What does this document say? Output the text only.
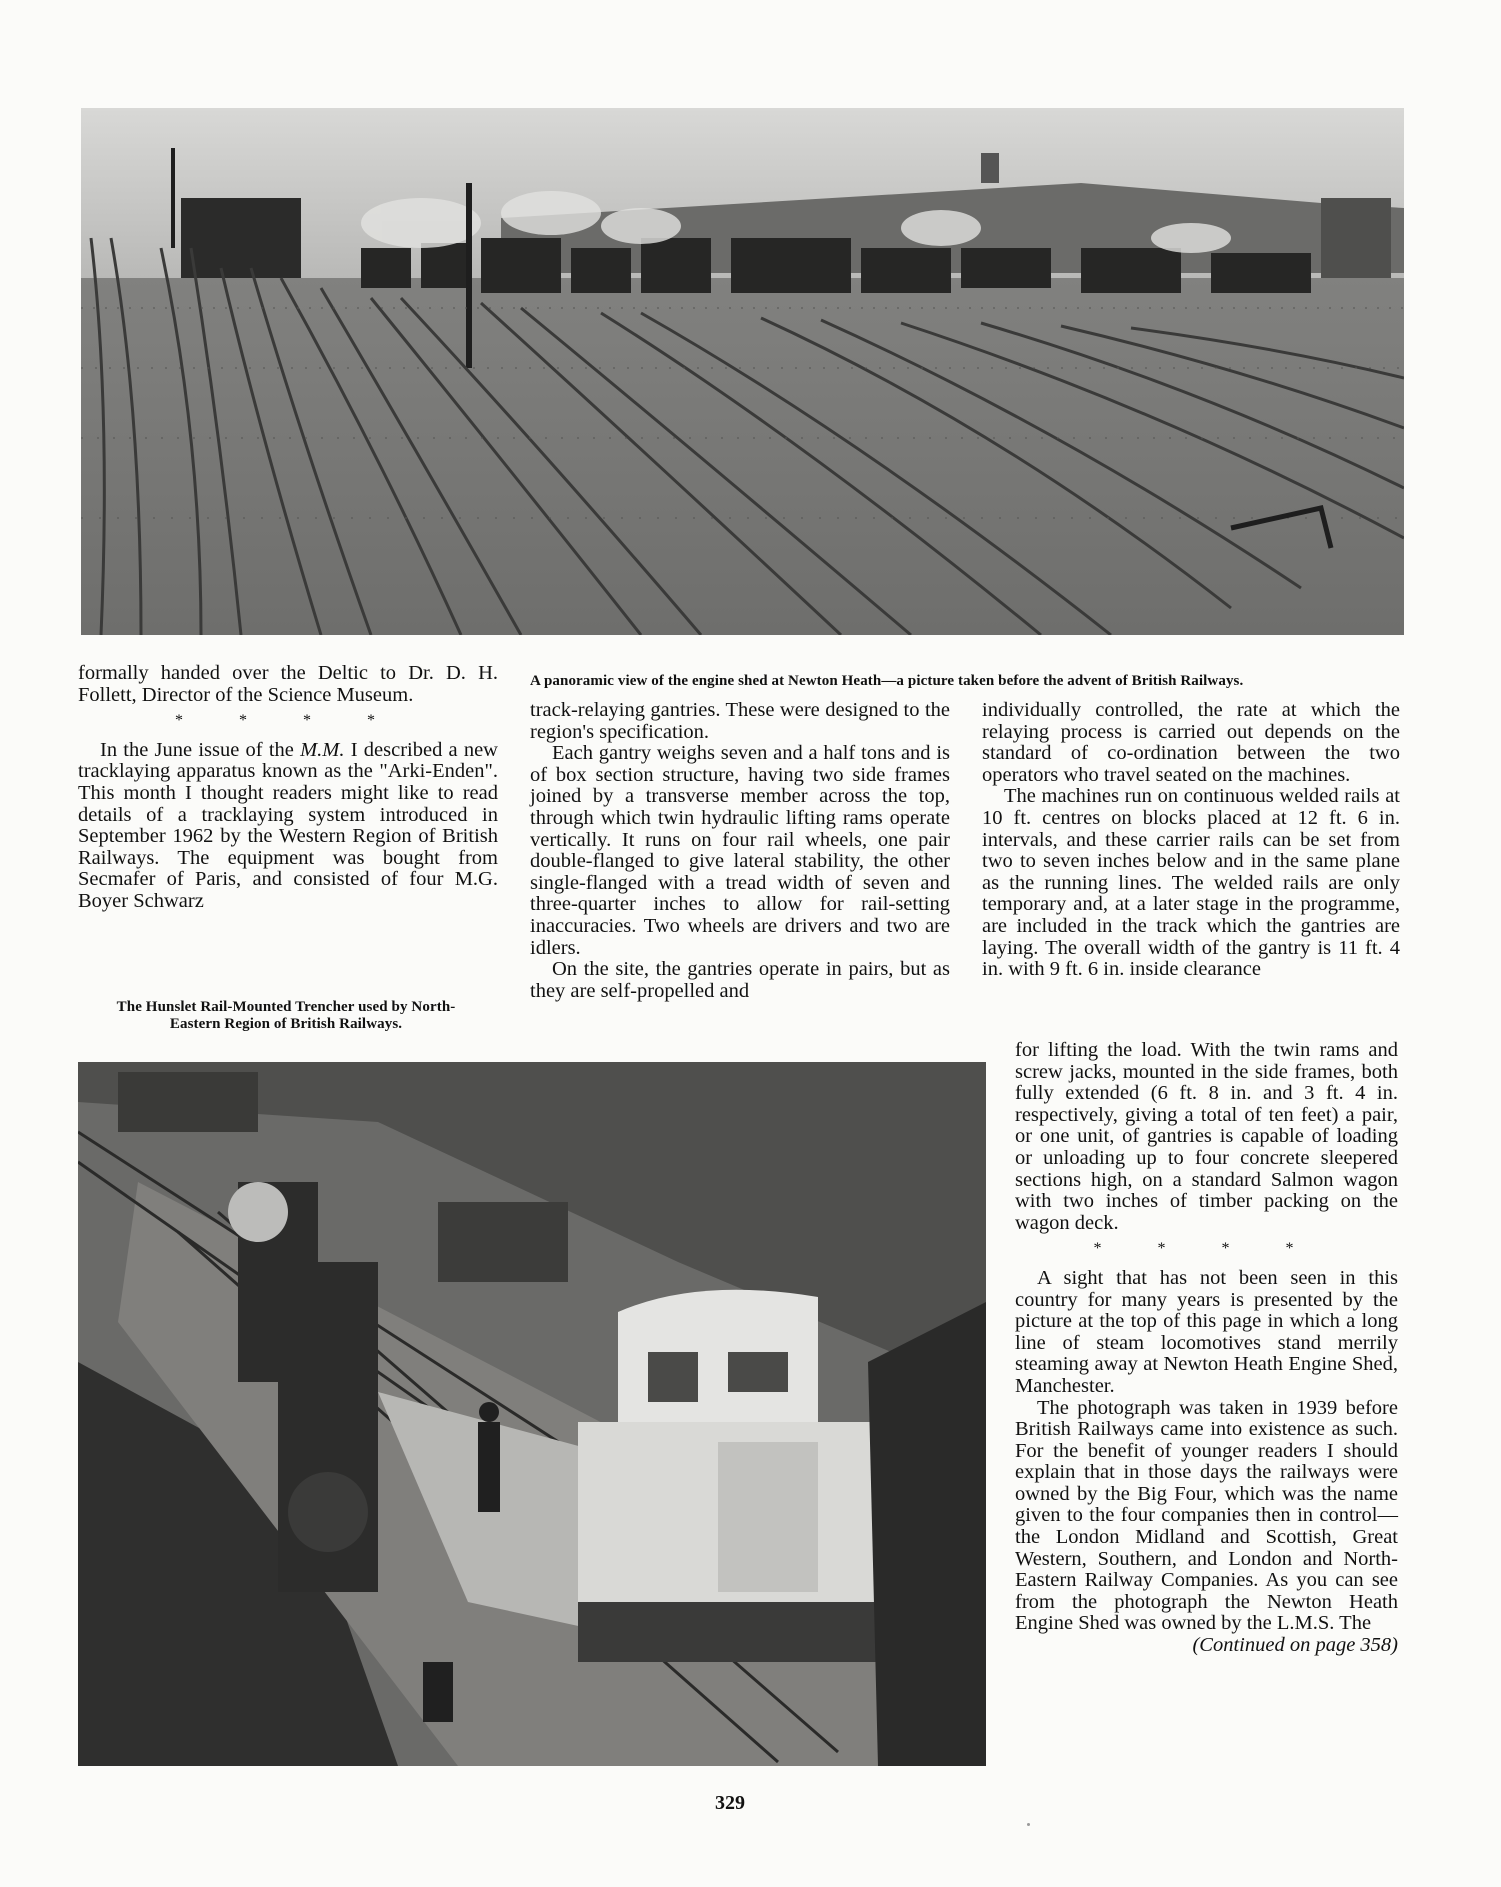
A panoramic view of the engine shed at Newton Heath—a picture taken before the advent of British Railways.
The Hunslet Rail-Mounted Trencher used by North-
Eastern Region of British Railways.

formally handed over the Deltic to Dr. D. H. Follett, Director of the Science Museum.

* * * *

In the June issue of the M.M. I described a new tracklaying apparatus known as the "Arki-Enden". This month I thought readers might like to read details of a tracklaying system introduced in September 1962 by the Western Region of British Railways. The equipment was bought from Secmafer of Paris, and consisted of four M.G. Boyer Schwarz

track-relaying gantries. These were designed to the region's specification.

Each gantry weighs seven and a half tons and is of box section structure, having two side frames joined by a transverse member across the top, through which twin hydraulic lifting rams operate vertically. It runs on four rail wheels, one pair double-flanged to give lateral stability, the other single-flanged with a tread width of seven and three-quarter inches to allow for rail-setting inaccuracies. Two wheels are drivers and two are idlers.

On the site, the gantries operate in pairs, but as they are self-propelled and

individually controlled, the rate at which the relaying process is carried out depends on the standard of co-ordination between the two operators who travel seated on the machines.

The machines run on continuous welded rails at 10 ft. centres on blocks placed at 12 ft. 6 in. intervals, and these carrier rails can be set from two to seven inches below and in the same plane as the running lines. The welded rails are only temporary and, at a later stage in the programme, are included in the track which the gantries are laying. The overall width of the gantry is 11 ft. 4 in. with 9 ft. 6 in. inside clearance

for lifting the load. With the twin rams and screw jacks, mounted in the side frames, both fully extended (6 ft. 8 in. and 3 ft. 4 in. respectively, giving a total of ten feet) a pair, or one unit, of gantries is capable of loading or unloading up to four concrete sleepered sections high, on a standard Salmon wagon with two inches of timber packing on the wagon deck.

* * * *

A sight that has not been seen in this country for many years is presented by the picture at the top of this page in which a long line of steam locomotives stand merrily steaming away at Newton Heath Engine Shed, Manchester.

The photograph was taken in 1939 before British Railways came into existence as such. For the benefit of younger readers I should explain that in those days the railways were owned by the Big Four, which was the name given to the four companies then in control—the London Midland and Scottish, Great Western, Southern, and London and North-Eastern Railway Companies. As you can see from the photograph the Newton Heath Engine Shed was owned by the L.M.S. The

(Continued on page 358)

329
